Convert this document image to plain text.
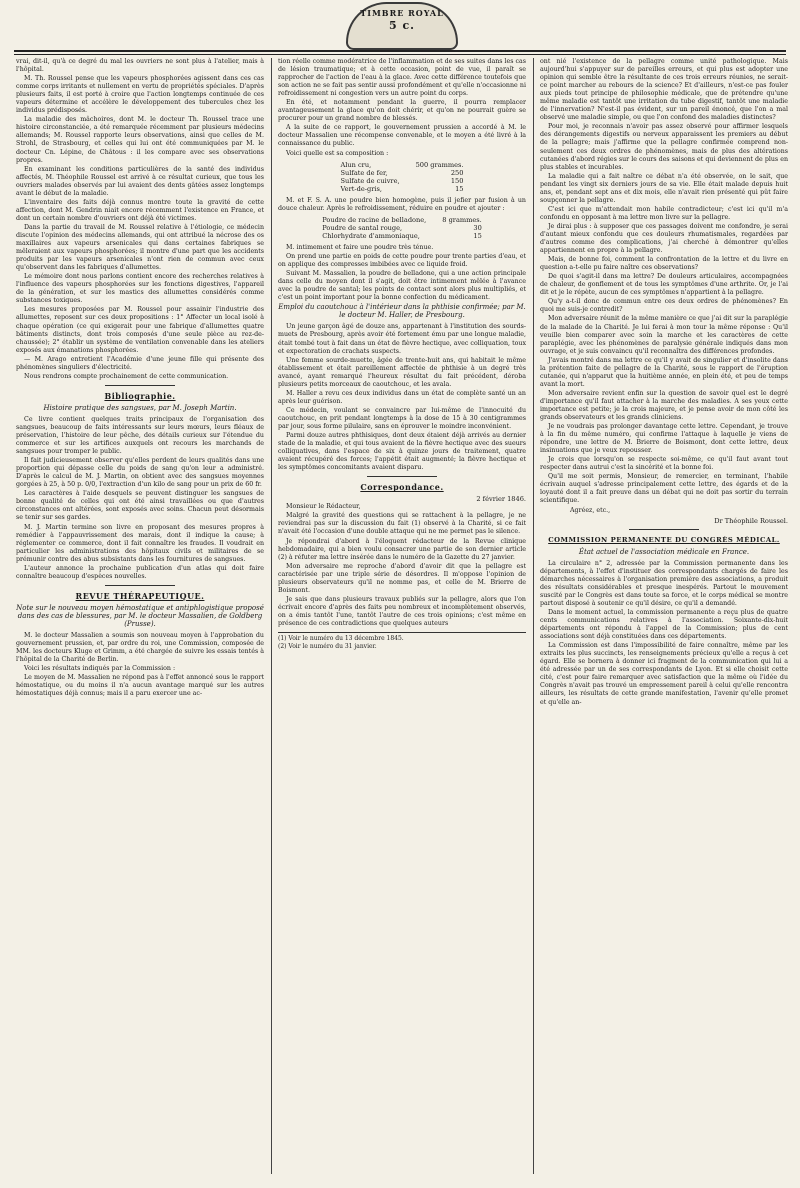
TIMBRE ROYAL
5 c.

vrai, dit-il, qu'à ce degré du mal les ouvriers ne sont plus à l'atelier, mais à l'hôpital.

M. Th. Roussel pense que les vapeurs phosphorées agissent dans ces cas comme corps irritants et nullement en vertu de propriétés spéciales. D'après plusieurs faits, il est porté à croire que l'action longtemps continuée de ces vapeurs détermine et accélère le développement des tubercules chez les individus prédisposés.

La maladie des mâchoires, dont M. le docteur Th. Roussel trace une histoire circonstanciée, a été remarquée récemment par plusieurs médecins allemands; M. Roussel rapporte leurs observations, ainsi que celles de M. Strohl, de Strasbourg, et celles qui lui ont été communiquées par M. le docteur Cn. Lépine, de Châtous : il les compare avec ses observations propres.

En examinant les conditions particulières de la santé des individus affectés, M. Théophile Roussel est arrivé à ce résultat curieux, que tous les ouvriers malades observés par lui avaient des dents gâtées assez longtemps avant le début de la maladie.

L'inventaire des faits déjà connus montre toute la gravité de cette affection, dont M. Gendrin niait encore récemment l'existence en France, et dont un certain nombre d'ouvriers ont déjà été victimes.

Dans la partie du travail de M. Roussel relative à l'étiologie, ce médecin discute l'opinion des médecins allemands, qui ont attribué la nécrose des os maxillaires aux vapeurs arsenicales qui dans certaines fabriques se mêleraient aux vapeurs phosphorées; il montre d'une part que les accidents produits par les vapeurs arsenicales n'ont rien de commun avec ceux qu'observent dans les fabriques d'allumettes.

Le mémoire dont nous parlons contient encore des recherches relatives à l'influence des vapeurs phosphorées sur les fonctions digestives, l'appareil de la génération, et sur les mastics des allumettes considérés comme substances toxiques.

Les mesures proposées par M. Roussel pour assainir l'industrie des allumettes, reposent sur ces deux propositions : 1° Affecter un local isolé à chaque opération (ce qui exigerait pour une fabrique d'allumettes quatre bâtiments distincts, dont trois composés d'une seule pièce au rez-de-chaussée); 2° établir un système de ventilation convenable dans les ateliers exposés aux émanations phosphorées.

— M. Arago entretient l'Académie d'une jeune fille qui présente des phénomènes singuliers d'électricité.

Nous rendrons compte prochainement de cette communication.

Bibliographie.
Histoire pratique des sangsues, par M. Joseph Martin.

Ce livre contient quelques traits principaux de l'organisation des sangsues, beaucoup de faits intéressants sur leurs mœurs, leurs fléaux de préservation, l'histoire de leur pêche, des détails curieux sur l'étendue du commerce et sur les artifices auxquels ont recours les marchands de sangsues pour tromper le public.

Il fait judicieusement observer qu'elles perdent de leurs qualités dans une proportion qui dépasse celle du poids de sang qu'on leur a administré. D'après le calcul de M. J. Martin, on obtient avec des sangsues moyennes gorgées à 25, à 50 p. 0/0, l'extraction d'un kilo de sang pour un prix de 60 fr.

Les caractères à l'aide desquels se peuvent distinguer les sangsues de bonne qualité de celles qui ont été ainsi travaillées ou que d'autres circonstances ont altérées, sont exposés avec soins. Chacun peut désormais se tenir sur ses gardes.

M. J. Martin termine son livre en proposant des mesures propres à remédier à l'appauvrissement des marais, dont il indique la cause; à réglementer ce commerce, dont il fait connaître les fraudes. Il voudrait en particulier les administrations des hôpitaux civils et militaires de se prémunir contre des abus subsistants dans les fournitures de sangsues.

L'auteur annonce la prochaine publication d'un atlas qui doit faire connaître beaucoup d'espèces nouvelles.

REVUE THÉRAPEUTIQUE.
Note sur le nouveau moyen hémostatique et antiphlogistique proposé dans des cas de blessures, par M. le docteur Massalien, de Goldberg (Prusse).

M. le docteur Massalien a soumis son nouveau moyen à l'approbation du gouvernement prussien, et, par ordre du roi, une Commission, composée de MM. les docteurs Kluge et Grimm, a été chargée de suivre les essais tentés à l'hôpital de la Charité de Berlin.

Voici les résultats indiqués par la Commission :

Le moyen de M. Massalien ne répond pas à l'effet annoncé sous le rapport hémostatique, ou du moins il n'a aucun avantage marqué sur les autres hémostatiques déjà connus; mais il a paru exercer une ac-

tion réelle comme modératrice de l'inflammation et de ses suites dans les cas de lésion traumatique; et à cette occasion, point de vue, il paraît se rapprocher de l'action de l'eau à la glace. Avec cette différence toutefois que son action ne se fait pas sentir aussi profondément et qu'elle n'occasionne ni refroidissement ni congestion vers un autre point du corps.

En été, et notamment pendant la guerre, il pourra remplacer avantageusement la glace qu'on doit chérir, et qu'on ne pourrait guère se procurer pour un grand nombre de blessés.

A la suite de ce rapport, le gouvernement prussien a accordé à M. le docteur Massalien une récompense convenable, et le moyen a été livré à la connaissance du public.

Voici quelle est sa composition :

Alun cru,	500 grammes.
Sulfate de fer,	250
Sulfate de cuivre,	150
Vert-de-gris,	15

M. et F. S. A. une poudre bien homogène, puis il jefier par fusion à un douce chaleur. Après le refroidissement, réduire en poudre et ajouter :

Poudre de racine de belladone,	8 grammes.
Poudre de santal rouge,	30
Chlorhydrate d'ammoniaque,	15

M. intimement et faire une poudre très ténue.

On prend une partie en poids de cette poudre pour trente parties d'eau, et on applique des compresses imbibées avec ce liquide froid.

Suivant M. Massalien, la poudre de belladone, qui a une action principale dans celle du moyen dont il s'agit, doit être intimement mêlée à l'avance avec la poudre de santal; les points de contact sont alors plus multipliés, et c'est un point important pour la bonne confection du médicament.

Emploi du caoutchouc à l'intérieur dans la phthisie confirmée; par M. le docteur M. Haller, de Presbourg.

Un jeune garçon âgé de douze ans, appartenant à l'institution des sourds-muets de Presbourg, après avoir été fortement ému par une longue maladie, était tombé tout à fait dans un état de fièvre hectique, avec colliquation, toux et expectoration de crachats suspects.

Une femme sourde-muette, âgée de trente-huit ans, qui habitait le même établissement et était pareillement affectée de phthisie à un degré très avancé, ayant remarqué l'heureux résultat du fait précédent, déroba plusieurs petits morceaux de caoutchouc, et les avala.

M. Haller a revu ces deux individus dans un état de complète santé un an après leur guérison.

Ce médecin, voulant se convaincre par lui-même de l'innocuité du caoutchouc, en prit pendant longtemps à la dose de 15 à 30 centigrammes par jour, sous forme pilulaire, sans en éprouver le moindre inconvénient.

Parmi douze autres phthisiques, dont deux étaient déjà arrivés au dernier stade de la maladie, et qui tous avaient de la fièvre hectique avec des sueurs colliquatives, dans l'espace de six à quinze jours de traitement, quatre avaient récupéré des forces; l'appétit était augmenté; la fièvre hectique et les symptômes concomitants avaient disparu.

Correspondance.
2 février 1846.

Monsieur le Rédacteur,

Malgré la gravité des questions qui se rattachent à la pellagre, je ne reviendrai pas sur la discussion du fait (1) observé à la Charité, si ce fait n'avait été l'occasion d'une double attaque qui ne me permet pas le silence.

Je répondrai d'abord à l'éloquent rédacteur de la Revue clinique hebdomadaire, qui a bien voulu consacrer une partie de son dernier article (2) à réfuter ma lettre insérée dans le numéro de la Gazette du 27 janvier.

Mon adversaire me reproche d'abord d'avoir dit que la pellagre est caractérisée par une triple série de désordres. Il m'oppose l'opinion de plusieurs observateurs qu'il ne nomme pas, et celle de M. Brierre de Boismont.

Je sais que dans plusieurs travaux publiés sur la pellagre, alors que l'on écrivait encore d'après des faits peu nombreux et incomplètement observés, on a émis tantôt l'une, tantôt l'autre de ces trois opinions; c'est même en présence de ces contradictions que quelques auteurs

(1) Voir le numéro du 13 décembre 1845.
(2) Voir le numéro du 31 janvier.

ont nié l'existence de la pellagre comme unité pathologique. Mais aujourd'hui s'appuyer sur de pareilles erreurs, et qui plus est adopter une opinion qui semble être la résultante de ces trois erreurs réunies, ne serait-ce point marcher au rebours de la science? Et d'ailleurs, n'est-ce pas fouler aux pieds tout principe de philosophie médicale, que de prétendre qu'une même maladie est tantôt une irritation du tube digestif, tantôt une maladie de l'innervation? N'est-il pas évident, sur un pareil énoncé, que l'on a mal observé une maladie simple, ou que l'on confond des maladies distinctes?

Pour moi, je reconnais n'avoir pas assez observé pour affirmer lesquels des dérangements digestifs ou nerveux apparaissent les premiers au début de la pellagre; mais j'affirme que la pellagre confirmée comprend non-seulement ces deux ordres de phénomènes, mais de plus des altérations cutanées d'abord régies sur le cours des saisons et qui deviennent de plus en plus stables et incurables.

La maladie qui a fait naître ce débat n'a été observée, on le sait, que pendant les vingt six derniers jours de sa vie. Elle était malade depuis huit ans, et, pendant sept ans et dix mois, elle n'avait rien présenté qui pût faire soupçonner la pellagre.

C'est ici que m'attendait mon habile contradicteur; c'est ici qu'il m'a confondu en opposant à ma lettre mon livre sur la pellagre.

Je dirai plus : à supposer que ces passages doivent me confondre, je serai d'autant mieux confondu que ces douleurs rhumatismales, regardées par d'autres comme des complications, j'ai cherché à démontrer qu'elles appartiennent en propre à la pellagre.

Mais, de bonne foi, comment la confrontation de la lettre et du livre en question a-t-elle pu faire naître ces observations?

De quoi s'agit-il dans ma lettre? De douleurs articulaires, accompagnées de chaleur, de gonflement et de tous les symptômes d'une arthrite. Or, je l'ai dit et je le répète, aucun de ces symptômes n'appartient à la pellagre.

Qu'y a-t-il donc de commun entre ces deux ordres de phénomènes? En quoi me suis-je contredit?

Mon adversaire réunit de la même manière ce que j'ai dit sur la paraplégie de la malade de la Charité. Je lui ferai à mon tour la même réponse : Qu'il veuille bien comparer avec soin la marche et les caractères de cette paraplégie, avec les phénomènes de paralysie générale indiqués dans mon ouvrage, et je suis convaincu qu'il reconnaîtra des différences profondes.

J'avais montré dans ma lettre ce qu'il y avait de singulier et d'insolite dans la prétention faite de pellagre de la Charité, sous le rapport de l'éruption cutanée, qui n'apparut que la huitième année, en plein été, et peu de temps avant la mort.

Mon adversaire revient enfin sur la question de savoir quel est le degré d'importance qu'il faut attacher à la marche des maladies. A ses yeux cette importance est petite; je la crois majeure, et je pense avoir de mon côté les grands observateurs et les grands cliniciens.

Je ne voudrais pas prolonger davantage cette lettre. Cependant, je trouve à la fin du même numéro, qui confirme l'attaque à laquelle je viens de répondre, une lettre de M. Brierre de Boismont, dont cette lettre, deux insinuations que je veux repousser.

Je crois que lorsqu'on se respecte soi-même, ce qu'il faut avant tout respecter dans autrui c'est la sincérité et la bonne foi.

Qu'il me soit permis, Monsieur, de remercier, en terminant, l'habile écrivain auquel s'adresse principalement cette lettre, des égards et de la loyauté dont il a fait preuve dans un débat qui ne doit pas sortir du terrain scientifique.

Agréez, etc.,

Dr Théophile Roussel.
COMMISSION PERMANENTE DU CONGRÈS MÉDICAL.
État actuel de l'association médicale en France.

La circulaire n° 2, adressée par la Commission permanente dans les départements, à l'effet d'instituer des correspondants chargés de faire les démarches nécessaires à l'organisation première des associations, a produit des résultats considérables et presque inespérés. Partout le mouvement suscité par le Congrès est dans toute sa force, et le corps médical se montre partout disposé à soutenir ce qu'il désire, ce qu'il a demandé.

Dans le moment actuel, la commission permanente a reçu plus de quatre cents communications relatives à l'association. Soixante-dix-huit départements ont répondu à l'appel de la Commission; plus de cent associations sont déjà constituées dans ces départements.

La Commission est dans l'impossibilité de faire connaître, même par les extraits les plus succincts, les renseignements précieux qu'elle a reçus à cet égard. Elle se bornera à donner ici fragment de la communication qui lui a été adressée par un de ses correspondants de Lyon. Et si elle choisit cette cité, c'est pour faire remarquer avec satisfaction que la même où l'idée du Congrès n'avait pas trouvé un empressement pareil à celui qu'elle rencontra ailleurs, les résultats de cette grande manifestation, l'avenir qu'elle promet et qu'elle an-
